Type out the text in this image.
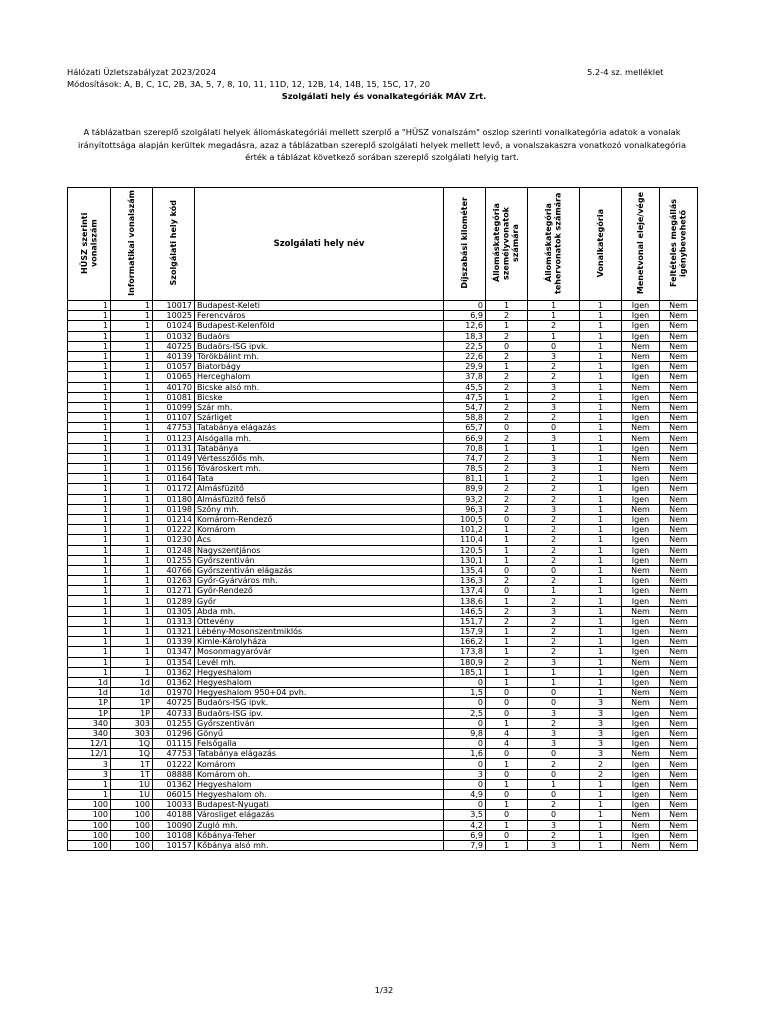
Hálózati Üzletszabályzat 2023/2024
Módosítások: A, B, C, 1C, 2B, 3A, 5, 7, 8, 10, 11, 11D, 12, 12B, 14, 14B, 15, 15C, 17, 20
5.2-4 sz. melléklet
Szolgálati hely és vonalkategóriák MÁV Zrt.
A táblázatban szereplő szolgálati helyek állomáskategóriái mellett szerplő a "HÜSZ vonalszám" oszlop szerinti vonalkategória adatok a vonalak irányítottsága alapján kerültek megadásra, azaz a táblázatban szereplő szolgálati helyek mellett levő, a vonalszakaszra vonatkozó vonalkategória érték a táblázat következő sorában szereplő szolgálati helyig tart.
HÜSZ szerinti vonalszám	Informatikai vonalszám	Szolgálati hely kód	Szolgálati hely név	Díjszabási kilométer	Állomáskategória személyvonatok számára	Állomáskategória tehervonatok számára	Vonalkategória	Menetvonal eleje/vége	Feltételes megállás igénybevehető
1	1	10017	Budapest-Keleti	0	1	1	1	Igen	Nem
1	1	10025	Ferencváros	6,9	2	1	1	Igen	Nem
1	1	01024	Budapest-Kelenföld	12,6	1	2	1	Igen	Nem
1	1	01032	Budaörs	18,3	2	1	1	Igen	Nem
1	1	40725	Budaörs-ISG ipvk.	22,5	0	0	1	Nem	Nem
1	1	40139	Törökbálint mh.	22,6	2	3	1	Nem	Nem
1	1	01057	Biatorbágy	29,9	1	2	1	Igen	Nem
1	1	01065	Herceghalom	37,8	2	2	1	Igen	Nem
1	1	40170	Bicske alsó mh.	45,5	2	3	1	Nem	Nem
1	1	01081	Bicske	47,5	1	2	1	Igen	Nem
1	1	01099	Szár mh.	54,7	2	3	1	Nem	Nem
1	1	01107	Szárliget	58,8	2	2	1	Igen	Nem
1	1	47753	Tatabánya elágazás	65,7	0	0	1	Nem	Nem
1	1	01123	Alsógalla mh.	66,9	2	3	1	Nem	Nem
1	1	01131	Tatabánya	70,8	1	1	1	Igen	Nem
1	1	01149	Vértesszőlős mh.	74,7	2	3	1	Nem	Nem
1	1	01156	Tóvároskert mh.	78,5	2	3	1	Nem	Nem
1	1	01164	Tata	81,1	1	2	1	Igen	Nem
1	1	01172	Almásfüzitő	89,9	2	2	1	Igen	Nem
1	1	01180	Almásfüzitő felső	93,2	2	2	1	Igen	Nem
1	1	01198	Szőny mh.	96,3	2	3	1	Nem	Nem
1	1	01214	Komárom-Rendező	100,5	0	2	1	Igen	Nem
1	1	01222	Komárom	101,2	1	2	1	Igen	Nem
1	1	01230	Ács	110,4	1	2	1	Igen	Nem
1	1	01248	Nagyszentjános	120,5	1	2	1	Igen	Nem
1	1	01255	Győrszentiván	130,1	1	2	1	Igen	Nem
1	1	40766	Győrszentiván elágazás	135,4	0	0	1	Nem	Nem
1	1	01263	Győr-Gyárváros mh.	136,3	2	2	1	Igen	Nem
1	1	01271	Győr-Rendező	137,4	0	1	1	Igen	Nem
1	1	01289	Győr	138,6	1	2	1	Igen	Nem
1	1	01305	Abda mh.	146,5	2	3	1	Nem	Nem
1	1	01313	Öttevény	151,7	2	2	1	Igen	Nem
1	1	01321	Lébény-Mosonszentmiklós	157,9	1	2	1	Igen	Nem
1	1	01339	Kimle-Károlyháza	166,2	1	2	1	Igen	Nem
1	1	01347	Mosonmagyaróvár	173,8	1	2	1	Igen	Nem
1	1	01354	Levél mh.	180,9	2	3	1	Nem	Nem
1	1	01362	Hegyeshalom	185,1	1	1	1	Igen	Nem
1d	1d	01362	Hegyeshalom	0	1	1	1	Igen	Nem
1d	1d	01970	Hegyeshalom 950+04 pvh.	1,5	0	0	1	Nem	Nem
1P	1P	40725	Budaörs-ISG ipvk.	0	0	0	3	Nem	Nem
1P	1P	40733	Budaörs-ISG ipv.	2,5	0	3	3	Igen	Nem
340	303	01255	Győrszentiván	0	1	2	3	Igen	Nem
340	303	01296	Gönyű	9,8	4	3	3	Igen	Nem
12/1	1Q	01115	Felsőgalla	0	4	3	3	Igen	Nem
12/1	1Q	47753	Tatabánya elágazás	1,6	0	0	3	Nem	Nem
3	1T	01222	Komárom	0	1	2	2	Igen	Nem
3	1T	08888	Komárom oh.	3	0	0	2	Igen	Nem
1	1U	01362	Hegyeshalom	0	1	1	1	Igen	Nem
1	1U	06015	Hegyeshalom oh.	4,9	0	0	1	Igen	Nem
100	100	10033	Budapest-Nyugati	0	1	2	1	Igen	Nem
100	100	40188	Városliget elágazás	3,5	0	0	1	Nem	Nem
100	100	10090	Zugló mh.	4,2	1	3	1	Nem	Nem
100	100	10108	Kőbánya-Teher	6,9	0	2	1	Igen	Nem
100	100	10157	Kőbánya alsó mh.	7,9	1	3	1	Nem	Nem
1/32
